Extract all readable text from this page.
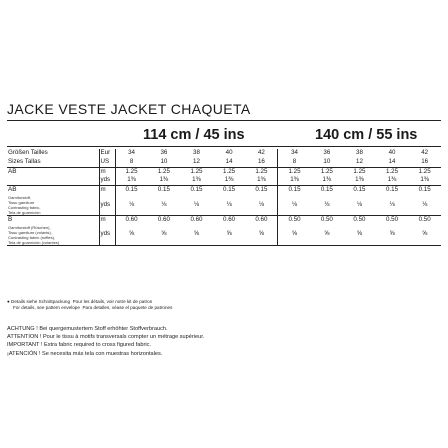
JACKE VESTE JACKET CHAQUETA
114 cm / 45 ins	140 cm / 55 ins
Größen Tailles
Sizes Tallas	Eur	34	36	38	40	42	34	36	38	40	42
	US	8	10	12	14	16	8	10	12	14	16

AB	m	1.25	1.25	1.25	1.25	1.25	1.25	1.25	1.25	1.25	1.25
	yds	1⅜	1⅜	1⅜	1⅜	1⅜	1⅜	1⅜	1⅜	1⅜	1⅜

AB
Garniturstoff,
Tissu garniture
Contrasting fabric,
Tela de guarnición	m	0.15	0.15	0.15	0.15	0.15	0.15	0.15	0.15	0.15	0.15
	yds	⅛	⅛	⅛	⅛	⅛	⅛	⅛	⅛	⅛	⅛

B
Garniturstoff (Rüschen),
Tissu garniture (volants),
Contrasting fabric (ruffles),
Tela de guarnición (volantes)	m	0.60	0.60	0.60	0.60	0.60	0.50	0.50	0.50	0.50	0.50
	yds	⅝	⅝	⅝	⅝	⅝	⅝	⅝	⅝	⅝	⅝

● Details siehe Schnittpackung Pour les détails, voir notre kit de patron
For details, see pattern envelope Para detalles, véase el paquete de patrones
ACHTUNG ! Bei quergemustertem Stoff erhöhter Stoffverbrauch.
ATTENTION ! Pour le tissu à motifs transversals compter un métrage supérieur.
IMPORTANT ! Extra fabric required to cross figured fabric.
¡ATENCIÓN ! Se necesita más tela con muestras horizontales.
